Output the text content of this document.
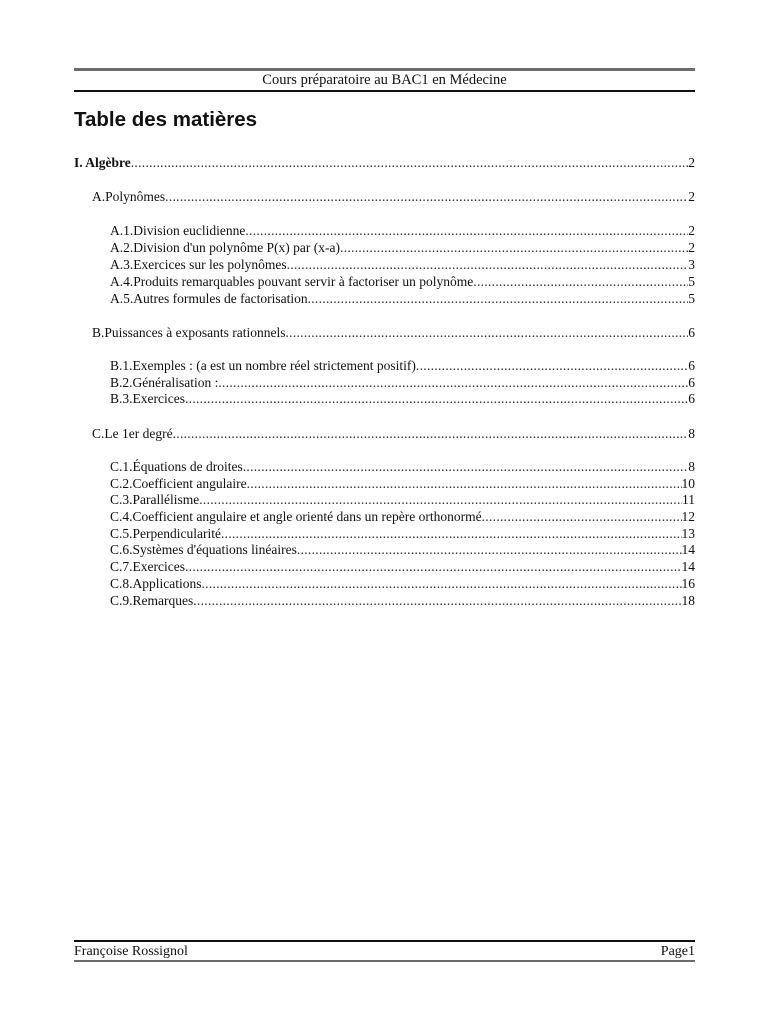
Cours préparatoire au BAC1 en Médecine
Table des matières
I. Algèbre .....	2
A.Polynômes .....	2
A.1.Division euclidienne .....	2
A.2.Division d'un polynôme P(x) par (x-a) .....	2
A.3.Exercices sur les polynômes .....	3
A.4.Produits remarquables pouvant servir à factoriser un polynôme .....	5
A.5.Autres formules de factorisation .....	5
B.Puissances à exposants rationnels .....	6
B.1.Exemples : (a est un nombre réel strictement positif) .....	6
B.2.Généralisation : .....	6
B.3.Exercices .....	6
C.Le 1er degré .....	8
C.1.Équations de droites .....	8
C.2.Coefficient angulaire .....	10
C.3.Parallélisme .....	11
C.4.Coefficient angulaire et angle orienté dans un repère orthonormé .....	12
C.5.Perpendicularité .....	13
C.6.Systèmes d'équations linéaires .....	14
C.7.Exercices .....	14
C.8.Applications .....	16
C.9.Remarques .....	18
Françoise Rossignol	Page1
